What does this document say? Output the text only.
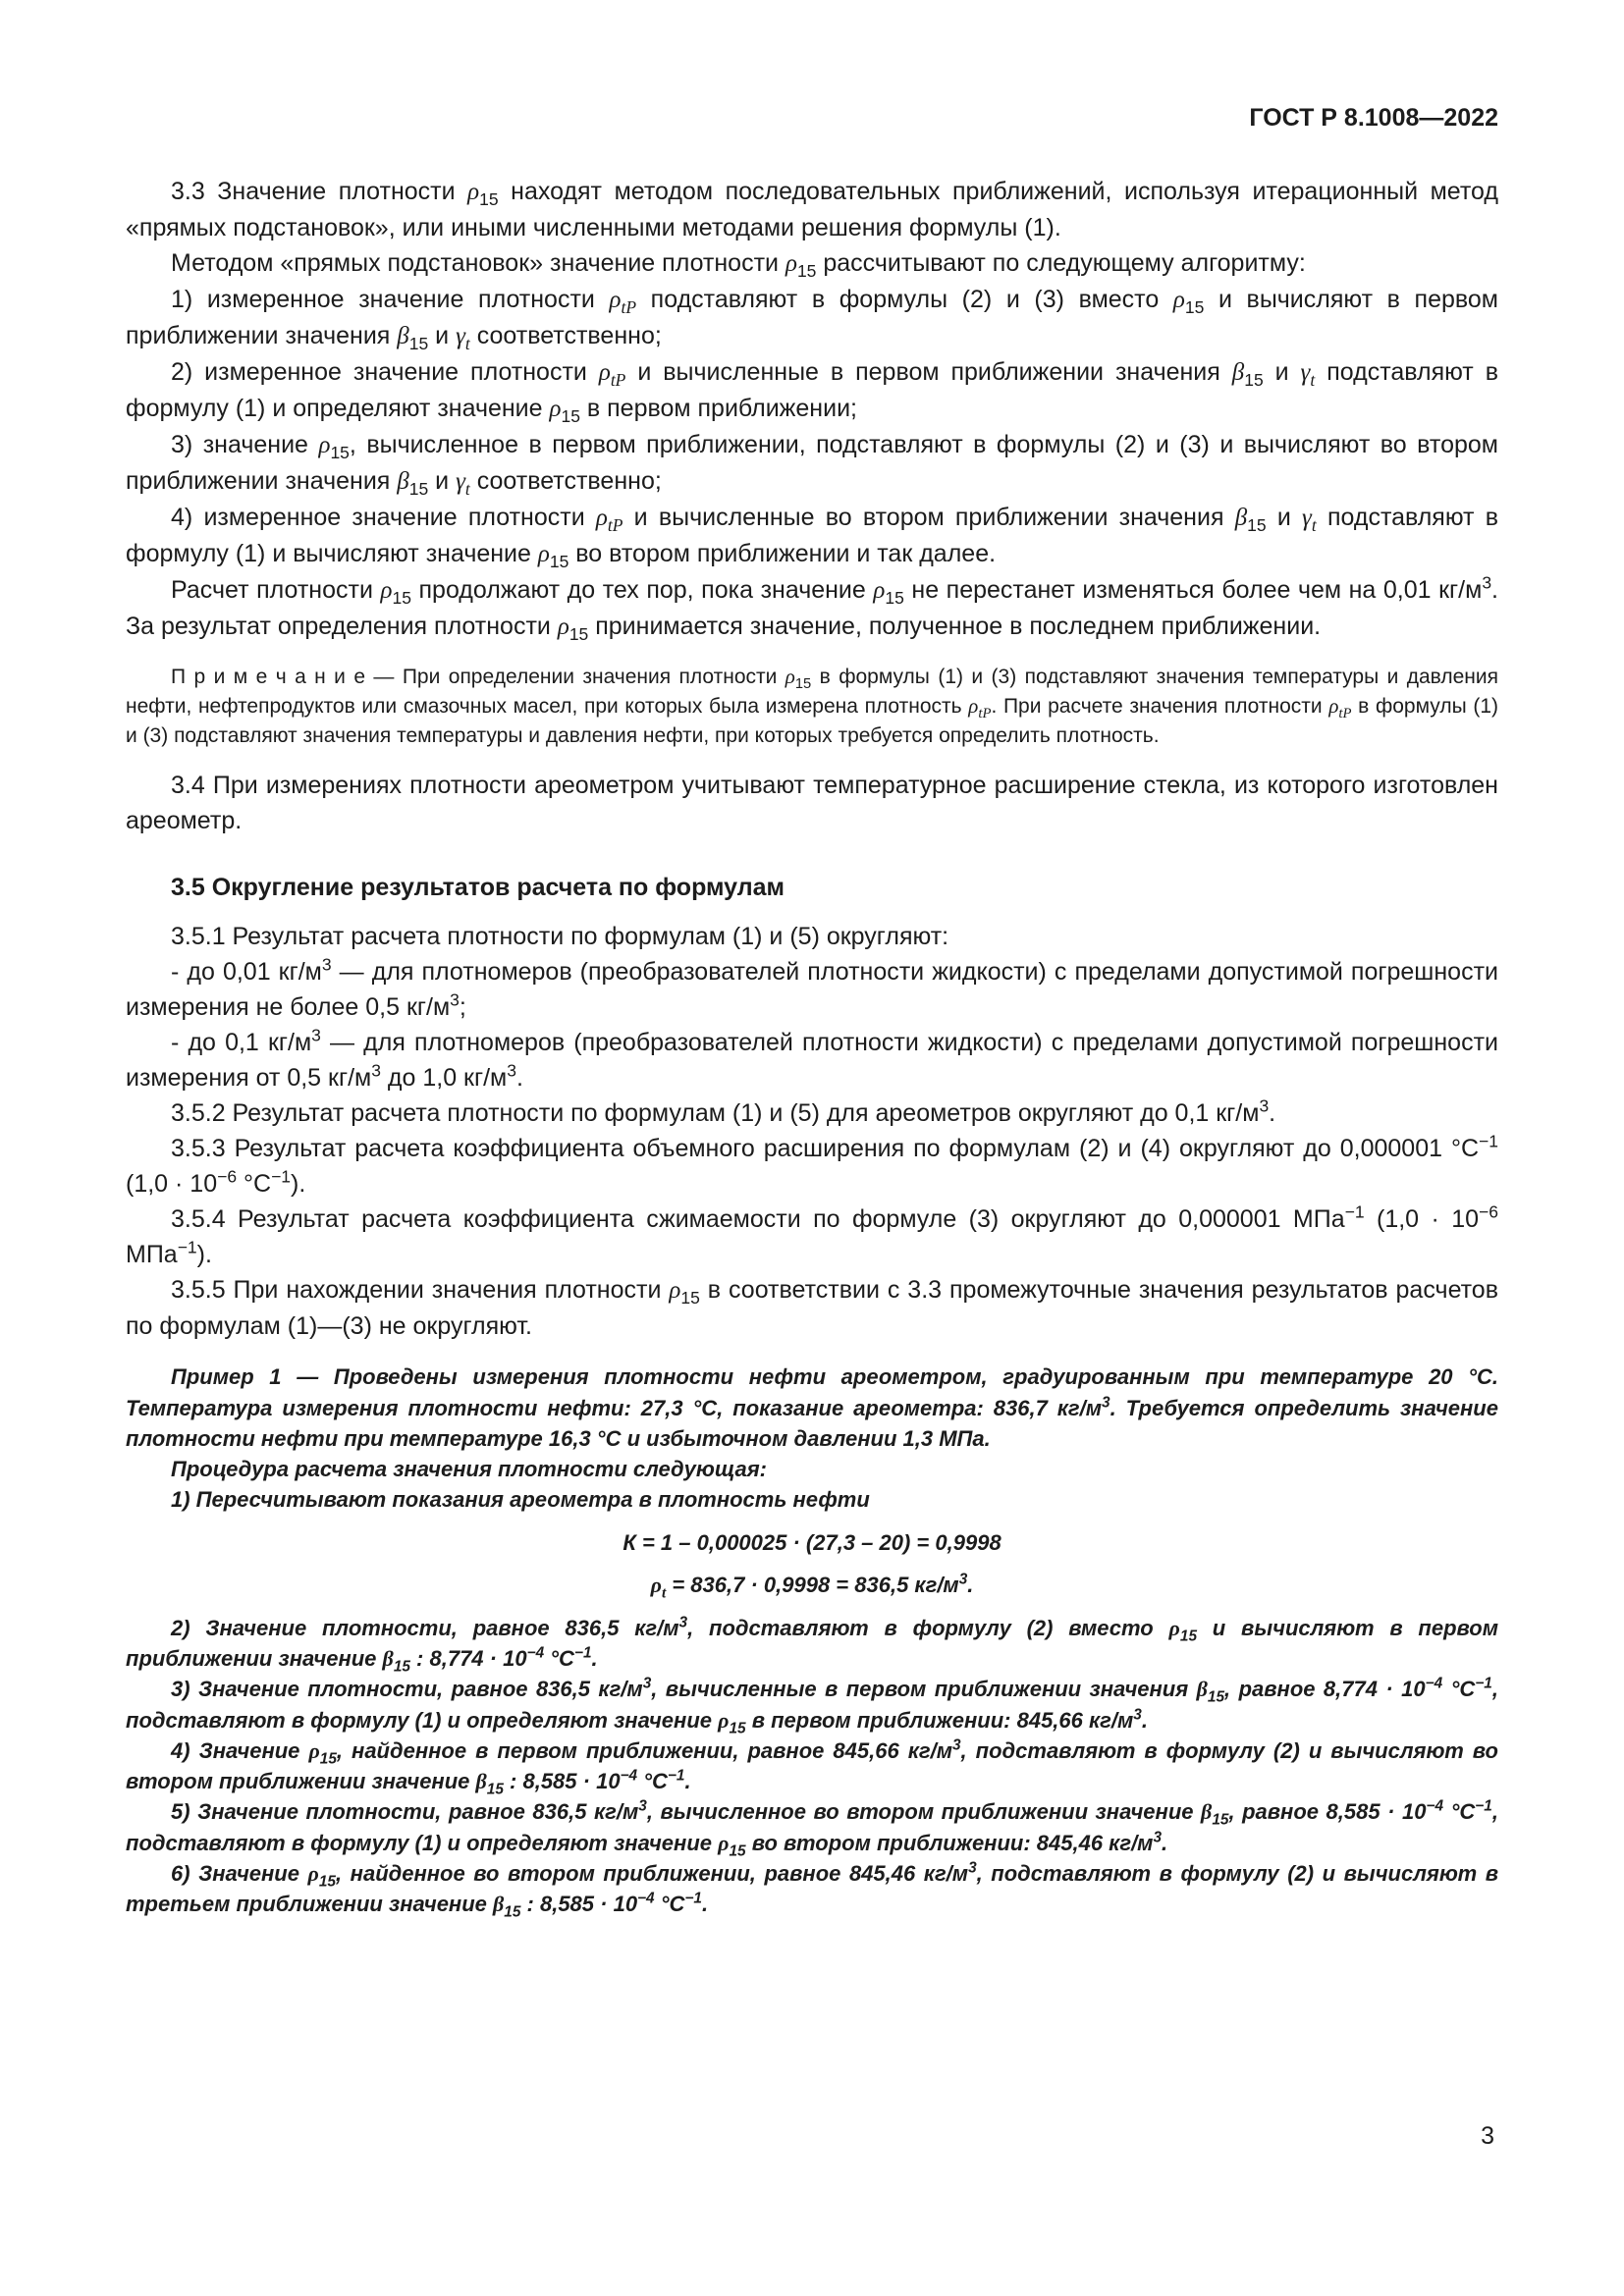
ГОСТ Р 8.1008—2022

3.3 Значение плотности $\rho_{15}$ находят методом последовательных приближений, используя итерационный метод «прямых подстановок», или иными численными методами решения формулы (1).

Методом «прямых подстановок» значение плотности $\rho_{15}$ рассчитывают по следующему алгоритму:

1) измеренное значение плотности $\rho_{tP}$ подставляют в формулы (2) и (3) вместо $\rho_{15}$ и вычисляют в первом приближении значения $\beta_{15}$ и $\gamma_t$ соответственно;

2) измеренное значение плотности $\rho_{tP}$ и вычисленные в первом приближении значения $\beta_{15}$ и $\gamma_t$ подставляют в формулу (1) и определяют значение $\rho_{15}$ в первом приближении;

3) значение $\rho_{15}$, вычисленное в первом приближении, подставляют в формулы (2) и (3) и вычисляют во втором приближении значения $\beta_{15}$ и $\gamma_t$ соответственно;

4) измеренное значение плотности $\rho_{tP}$ и вычисленные во втором приближении значения $\beta_{15}$ и $\gamma_t$ подставляют в формулу (1) и вычисляют значение $\rho_{15}$ во втором приближении и так далее.

Расчет плотности $\rho_{15}$ продолжают до тех пор, пока значение $\rho_{15}$ не перестанет изменяться более чем на 0,01 $кг/м^3$. За результат определения плотности $\rho_{15}$ принимается значение, полученное в последнем приближении.

П р и м е ч а н и е — При определении значения плотности $\rho_{15}$ в формулы (1) и (3) подставляют значения температуры и давления нефти, нефтепродуктов или смазочных масел, при которых была измерена плотность $\rho_{tP}$. При расчете значения плотности $\rho_{tP}$ в формулы (1) и (3) подставляют значения температуры и давления нефти, при которых требуется определить плотность.

3.4 При измерениях плотности ареометром учитывают температурное расширение стекла, из которого изготовлен ареометр.

3.5 Округление результатов расчета по формулам

3.5.1 Результат расчета плотности по формулам (1) и (5) округляют:

- до 0,01 $кг/м^3$ — для плотномеров (преобразователей плотности жидкости) с пределами допустимой погрешности измерения не более 0,5 $кг/м^3$;

- до 0,1 $кг/м^3$ — для плотномеров (преобразователей плотности жидкости) с пределами допустимой погрешности измерения от 0,5 $кг/м^3$ до 1,0 $кг/м^3$.

3.5.2 Результат расчета плотности по формулам (1) и (5) для ареометров округляют до 0,1 $кг/м^3$.

3.5.3 Результат расчета коэффициента объемного расширения по формулам (2) и (4) округляют до 0,000001 $^\circ С^{-1}$ ($1,0 \cdot 10^{-6}$ $^\circ С^{-1}$).

3.5.4 Результат расчета коэффициента сжимаемости по формуле (3) округляют до 0,000001 МПа$^{-1}$ ($1,0 \cdot 10^{-6}$ МПа$^{-1}$).

3.5.5 При нахождении значения плотности $\rho_{15}$ в соответствии с 3.3 промежуточные значения результатов расчетов по формулам (1)—(3) не округляют.

Пример 1 — Проведены измерения плотности нефти ареометром, градуированным при температуре 20 °С. Температура измерения плотности нефти: 27,3 °С, показание ареометра: 836,7 $кг/м^3$. Требуется определить значение плотности нефти при температуре 16,3 °С и избыточном давлении 1,3 МПа.

Процедура расчета значения плотности следующая:

1) Пересчитывают показания ареометра в плотность нефти

К = 1 – 0,000025 · (27,3 – 20) = 0,9998

$\rho_t = 836,7 \cdot 0,9998 = 836,5$ $кг/м^3$.

2) Значение плотности, равное 836,5 $кг/м^3$, подставляют в формулу (2) вместо $\rho_{15}$ и вычисляют в первом приближении значение $\beta_{15}$ : $8,774 \cdot 10^{-4}$ $^\circ С^{-1}$.

3) Значение плотности, равное 836,5 $кг/м^3$, вычисленные в первом приближении значения $\beta_{15}$, равное $8,774 \cdot 10^{-4}$ $^\circ С^{-1}$, подставляют в формулу (1) и определяют значение $\rho_{15}$ в первом приближении: 845,66 $кг/м^3$.

4) Значение $\rho_{15}$, найденное в первом приближении, равное 845,66 $кг/м^3$, подставляют в формулу (2) и вычисляют во втором приближении значение $\beta_{15}$ : $8,585 \cdot 10^{-4}$ $^\circ С^{-1}$.

5) Значение плотности, равное 836,5 $кг/м^3$, вычисленное во втором приближении значение $\beta_{15}$, равное $8,585 \cdot 10^{-4}$ $^\circ С^{-1}$, подставляют в формулу (1) и определяют значение $\rho_{15}$ во втором приближении: 845,46 $кг/м^3$.

6) Значение $\rho_{15}$, найденное во втором приближении, равное 845,46 $кг/м^3$, подставляют в формулу (2) и вычисляют в третьем приближении значение $\beta_{15}$ : $8,585 \cdot 10^{-4}$ $^\circ С^{-1}$.

3
